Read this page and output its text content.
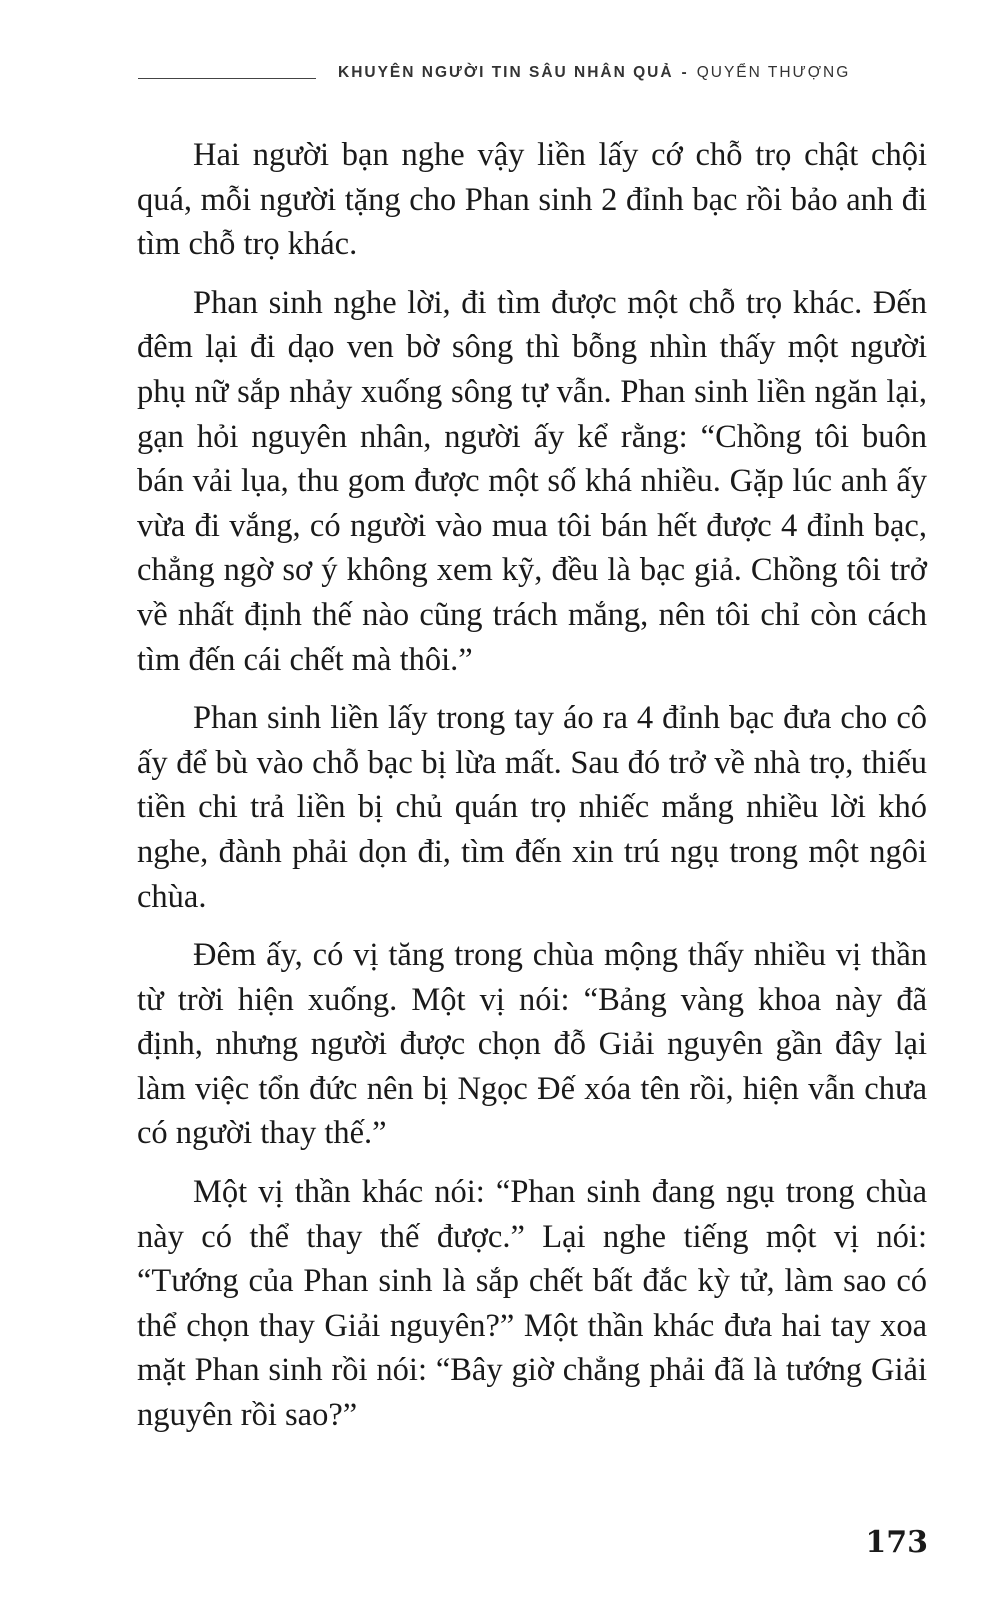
KHUYÊN NGƯỜI TIN SÂU NHÂN QUẢ - QUYỂN THƯỢNG

Hai người bạn nghe vậy liền lấy cớ chỗ trọ chật chội quá, mỗi người tặng cho Phan sinh 2 đỉnh bạc rồi bảo anh đi tìm chỗ trọ khác.

Phan sinh nghe lời, đi tìm được một chỗ trọ khác. Đến đêm lại đi dạo ven bờ sông thì bỗng nhìn thấy một người phụ nữ sắp nhảy xuống sông tự vẫn. Phan sinh liền ngăn lại, gạn hỏi nguyên nhân, người ấy kể rằng: “Chồng tôi buôn bán vải lụa, thu gom được một số khá nhiều. Gặp lúc anh ấy vừa đi vắng, có người vào mua tôi bán hết được 4 đỉnh bạc, chẳng ngờ sơ ý không xem kỹ, đều là bạc giả. Chồng tôi trở về nhất định thế nào cũng trách mắng, nên tôi chỉ còn cách tìm đến cái chết mà thôi.”

Phan sinh liền lấy trong tay áo ra 4 đỉnh bạc đưa cho cô ấy để bù vào chỗ bạc bị lừa mất. Sau đó trở về nhà trọ, thiếu tiền chi trả liền bị chủ quán trọ nhiếc mắng nhiều lời khó nghe, đành phải dọn đi, tìm đến xin trú ngụ trong một ngôi chùa.

Đêm ấy, có vị tăng trong chùa mộng thấy nhiều vị thần từ trời hiện xuống. Một vị nói: “Bảng vàng khoa này đã định, nhưng người được chọn đỗ Giải nguyên gần đây lại làm việc tổn đức nên bị Ngọc Đế xóa tên rồi, hiện vẫn chưa có người thay thế.”

Một vị thần khác nói: “Phan sinh đang ngụ trong chùa này có thể thay thế được.” Lại nghe tiếng một vị nói: “Tướng của Phan sinh là sắp chết bất đắc kỳ tử, làm sao có thể chọn thay Giải nguyên?” Một thần khác đưa hai tay xoa mặt Phan sinh rồi nói: “Bây giờ chẳng phải đã là tướng Giải nguyên rồi sao?”

173
